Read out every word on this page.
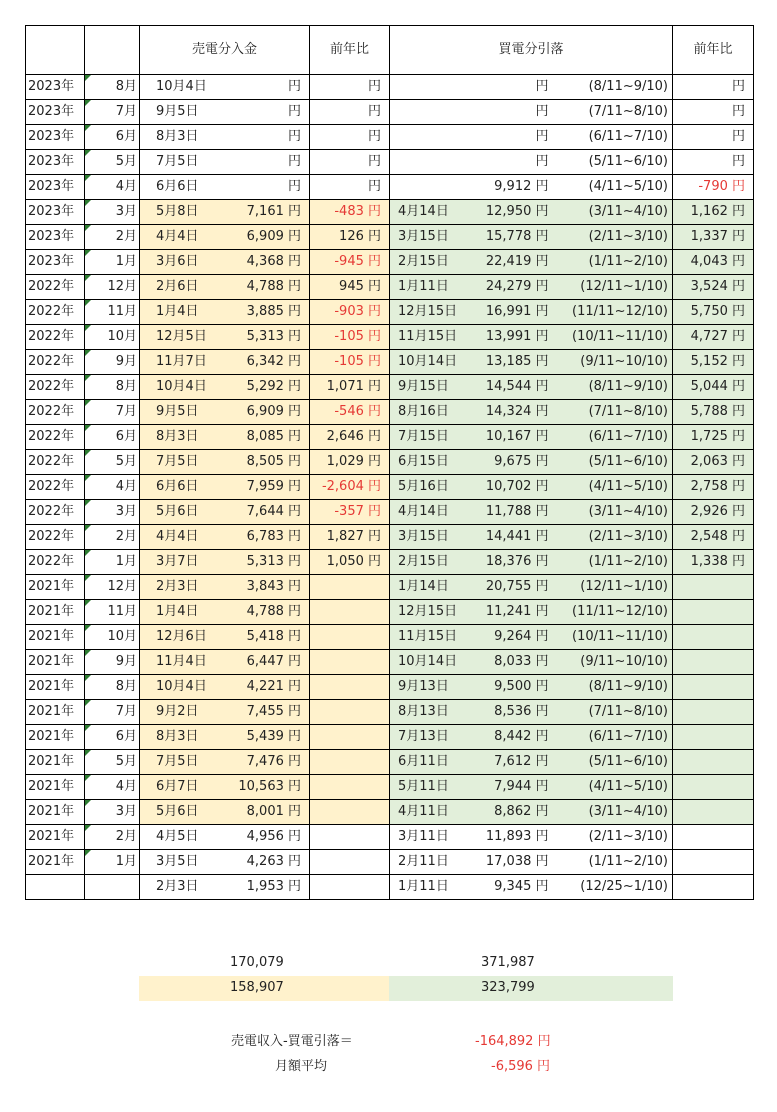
		売電分入金		前年比	買電分引落			前年比
2023年	8月	10月4日	円	円		円	(8/11~9/10)	円
2023年	7月	9月5日	円	円		円	(7/11~8/10)	円
2023年	6月	8月3日	円	円		円	(6/11~7/10)	円
2023年	5月	7月5日	円	円		円	(5/11~6/10)	円
2023年	4月	6月6日	円	円		9,912 円	(4/11~5/10)	-790 円
2023年	3月	5月8日	7,161 円	-483 円	4月14日	12,950 円	(3/11~4/10)	1,162 円
2023年	2月	4月4日	6,909 円	126 円	3月15日	15,778 円	(2/11~3/10)	1,337 円
2023年	1月	3月6日	4,368 円	-945 円	2月15日	22,419 円	(1/11~2/10)	4,043 円
2022年	12月	2月6日	4,788 円	945 円	1月11日	24,279 円	(12/11~1/10)	3,524 円
2022年	11月	1月4日	3,885 円	-903 円	12月15日	16,991 円	(11/11~12/10)	5,750 円
2022年	10月	12月5日	5,313 円	-105 円	11月15日	13,991 円	(10/11~11/10)	4,727 円
2022年	9月	11月7日	6,342 円	-105 円	10月14日	13,185 円	(9/11~10/10)	5,152 円
2022年	8月	10月4日	5,292 円	1,071 円	9月15日	14,544 円	(8/11~9/10)	5,044 円
2022年	7月	9月5日	6,909 円	-546 円	8月16日	14,324 円	(7/11~8/10)	5,788 円
2022年	6月	8月3日	8,085 円	2,646 円	7月15日	10,167 円	(6/11~7/10)	1,725 円
2022年	5月	7月5日	8,505 円	1,029 円	6月15日	9,675 円	(5/11~6/10)	2,063 円
2022年	4月	6月6日	7,959 円	-2,604 円	5月16日	10,702 円	(4/11~5/10)	2,758 円
2022年	3月	5月6日	7,644 円	-357 円	4月14日	11,788 円	(3/11~4/10)	2,926 円
2022年	2月	4月4日	6,783 円	1,827 円	3月15日	14,441 円	(2/11~3/10)	2,548 円
2022年	1月	3月7日	5,313 円	1,050 円	2月15日	18,376 円	(1/11~2/10)	1,338 円
2021年	12月	2月3日	3,843 円		1月14日	20,755 円	(12/11~1/10)	
2021年	11月	1月4日	4,788 円		12月15日	11,241 円	(11/11~12/10)	
2021年	10月	12月6日	5,418 円		11月15日	9,264 円	(10/11~11/10)	
2021年	9月	11月4日	6,447 円		10月14日	8,033 円	(9/11~10/10)	
2021年	8月	10月4日	4,221 円		9月13日	9,500 円	(8/11~9/10)	
2021年	7月	9月2日	7,455 円		8月13日	8,536 円	(7/11~8/10)	
2021年	6月	8月3日	5,439 円		7月13日	8,442 円	(6/11~7/10)	
2021年	5月	7月5日	7,476 円		6月11日	7,612 円	(5/11~6/10)	
2021年	4月	6月7日	10,563 円		5月11日	7,944 円	(4/11~5/10)	
2021年	3月	5月6日	8,001 円		4月11日	8,862 円	(3/11~4/10)	
2021年	2月	4月5日	4,956 円		3月11日	11,893 円	(2/11~3/10)	
2021年	1月	3月5日	4,263 円		2月11日	17,038 円	(1/11~2/10)	
		2月3日	1,953 円		1月11日	9,345 円	(12/25~1/10)	
170,079	371,987
158,907	323,799
売電収入-買電引落＝	-164,892 円
月額平均	-6,596 円
